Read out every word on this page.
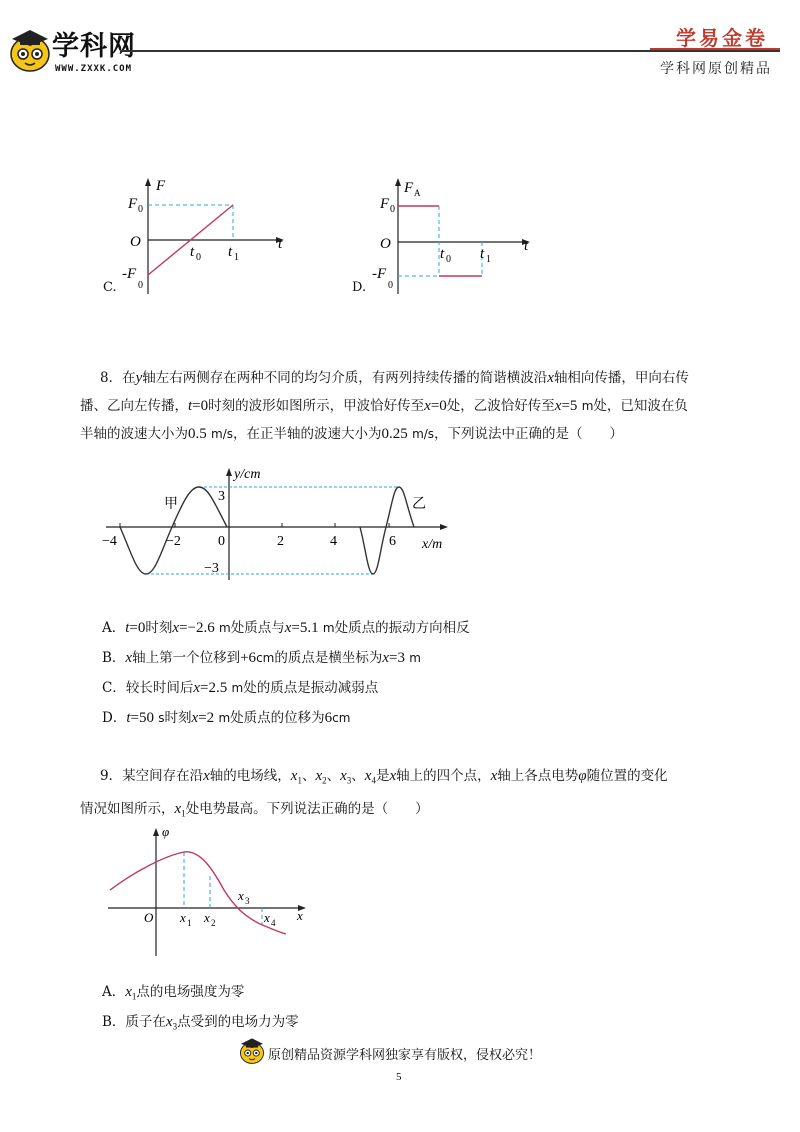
学科网
WWW.ZXXK.COM
学易金卷
学科网原创精品
C.
F
t
O
F 0
-F
0
t 0 t 1
D.
F A
t
O
F 0
-F
0
t 0 t 1
8．在y轴左右两侧存在两种不同的均匀介质，有两列持续传播的简谐横波沿x轴相向传播，甲向右传
播、乙向左传播，t=0时刻的波形如图所示，甲波恰好传至x=0处，乙波恰好传至x=5 m处，已知波在负
半轴的波速大小为0.5 m/s，在正半轴的波速大小为0.25 m/s，下列说法中正确的是（　　）
y/cm
x/m
甲	乙
−4	−2	0	2	4	6
3
−3
A．t=0时刻x=−2.6 m处质点与x=5.1 m处质点的振动方向相反
B．x轴上第一个位移到+6cm的质点是横坐标为x=3 m
C．较长时间后x=2.5 m处的质点是振动减弱点
D．t=50 s时刻x=2 m处质点的位移为6cm
9．某空间存在沿x轴的电场线，$x_1$、$x_2$、$x_3$、$x_4$是x轴上的四个点，x轴上各点电势φ随位置的变化
情况如图所示，$x_1$处电势最高。下列说法正确的是（　　）
φ
x
O x 1 x 2
x 3
x 4
A．$x_1$点的电场强度为零
B．质子在$x_3$点受到的电场力为零
原创精品资源学科网独家享有版权，侵权必究！
5
